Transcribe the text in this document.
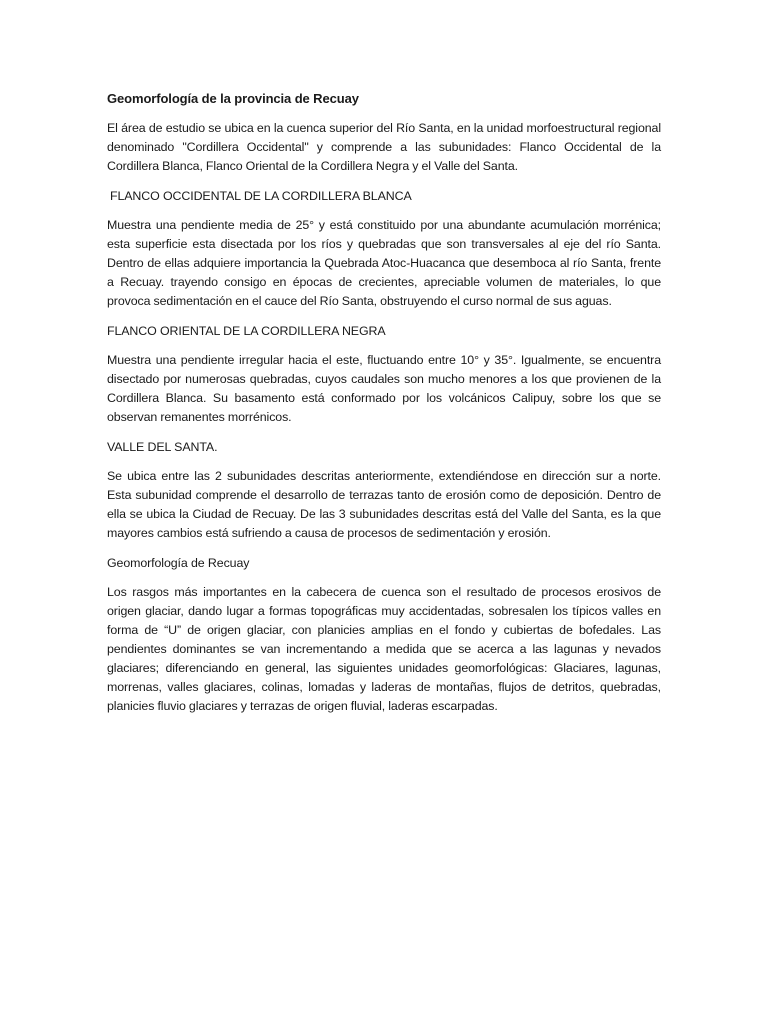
Geomorfología de la provincia de Recuay

El área de estudio se ubica en la cuenca superior del Río Santa, en la unidad morfoestructural regional denominado "Cordillera Occidental" y comprende a las subunidades: Flanco Occidental de la Cordillera Blanca, Flanco Oriental de la Cordillera Negra y el Valle del Santa.

FLANCO OCCIDENTAL DE LA CORDILLERA BLANCA

Muestra una pendiente media de 25° y está constituido por una abundante acumulación morrénica; esta superficie esta disectada por los ríos y quebradas que son transversales al eje del río Santa. Dentro de ellas adquiere importancia la Quebrada Atoc-Huacanca que desemboca al río Santa, frente a Recuay. trayendo consigo en épocas de crecientes, apreciable volumen de materiales, lo que provoca sedimentación en el cauce del Río Santa, obstruyendo el curso normal de sus aguas.

FLANCO ORIENTAL DE LA CORDILLERA NEGRA

Muestra una pendiente irregular hacia el este, fluctuando entre 10° y 35°. Igualmente, se encuentra disectado por numerosas quebradas, cuyos caudales son mucho menores a los que provienen de la Cordillera Blanca. Su basamento está conformado por los volcánicos Calipuy, sobre los que se observan remanentes morrénicos.

VALLE DEL SANTA.

Se ubica entre las 2 subunidades descritas anteriormente, extendiéndose en dirección sur a norte. Esta subunidad comprende el desarrollo de terrazas tanto de erosión como de deposición. Dentro de ella se ubica la Ciudad de Recuay. De las 3 subunidades descritas está del Valle del Santa, es la que mayores cambios está sufriendo a causa de procesos de sedimentación y erosión.

Geomorfología de Recuay

Los rasgos más importantes en la cabecera de cuenca son el resultado de procesos erosivos de origen glaciar, dando lugar a formas topográficas muy accidentadas, sobresalen los típicos valles en forma de “U” de origen glaciar, con planicies amplias en el fondo y cubiertas de bofedales. Las pendientes dominantes se van incrementando a medida que se acerca a las lagunas y nevados glaciares; diferenciando en general, las siguientes unidades geomorfológicas: Glaciares, lagunas, morrenas, valles glaciares, colinas, lomadas y laderas de montañas, flujos de detritos, quebradas, planicies fluvio glaciares y terrazas de origen fluvial, laderas escarpadas.
